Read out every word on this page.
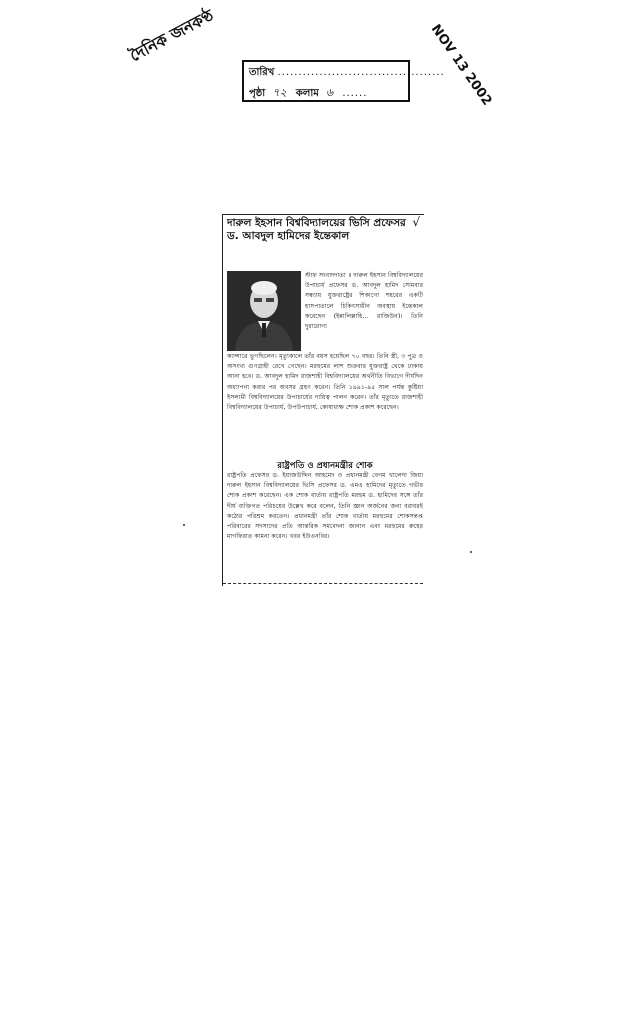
দৈনিক জনকণ্ঠ	NOV 13 2002
তারিখ ........................................
পৃষ্ঠা ৭২ কলাম ৬ ......
√
দারুল ইহসান বিশ্ববিদ্যালয়ের ভিসি প্রফেসর
ড. আবদুল হামিদের ইন্তেকাল
স্টাফ সংবাদদাতা ॥ দারুল ইহসান বিশ্ববিদ্যালয়ের উপাচার্য প্রফেসর ড. আবদুল হামিদ সোমবার সন্ধ্যায় যুক্তরাষ্ট্রের শিকাগো শহরের একটি হাসপাতালে চিকিৎসাধীন অবস্থায় ইন্তেকাল করেছেন (ইন্নালিল্লাহি... রাজিউন)। তিনি দুরারোগ্য
ক্যান্সারে ভুগছিলেন। মৃত্যুকালে তাঁর বয়স হয়েছিল ৭০ বছর। তিনি স্ত্রী, ৩ পুত্র ও অসংখ্য গুণগ্রাহী রেখে গেছেন। মরহুমের লাশ শুক্রবার যুক্তরাষ্ট্র থেকে ঢাকায় আনা হবে। ড. আবদুল হামিদ রাজশাহী বিশ্ববিদ্যালয়ের অর্থনীতি বিভাগে দীর্ঘদিন অধ্যাপনা করার পর অবসর গ্রহণ করেন। তিনি ১৯৯১-৯৫ সাল পর্যন্ত কুষ্টিয়া ইসলামী বিশ্ববিদ্যালয়ের উপাচার্যের দায়িত্ব পালন করেন। তাঁর মৃত্যুতে রাজশাহী বিশ্ববিদ্যালয়ের উপাচার্য, উপউপাচার্য, কোষাধ্যক্ষ শোক প্রকাশ করেছেন।
রাষ্ট্রপতি ও প্রধানমন্ত্রীর শোক
রাষ্ট্রপতি প্রফেসর ড. ইয়াজউদ্দিন আহমেদ ও প্রধানমন্ত্রী বেগম খালেদা জিয়া দারুল ইহসান বিশ্ববিদ্যালয়ের ভিসি প্রফেসর ড. এমএ হামিদের মৃত্যুতে গভীর শোক প্রকাশ করেছেন। এক শোক বার্তায় রাষ্ট্রপতি মরহুম ড. হামিদের সঙ্গে তাঁর দীর্ঘ ব্যক্তিগত পরিচয়ের উল্লেখ করে বলেন, তিনি জ্ঞান অর্জনের জন্য বরাবরই কঠোর পরিশ্রম করতেন। প্রধানমন্ত্রী তাঁর শোক বার্তায় মরহুমের শোকসন্তপ্ত পরিবারের সদস্যদের প্রতি আন্তরিক সমবেদনা জানান এবং মরহুমের রুহের মাগফিরাত কামনা করেন। খবর ইউএনবির।
